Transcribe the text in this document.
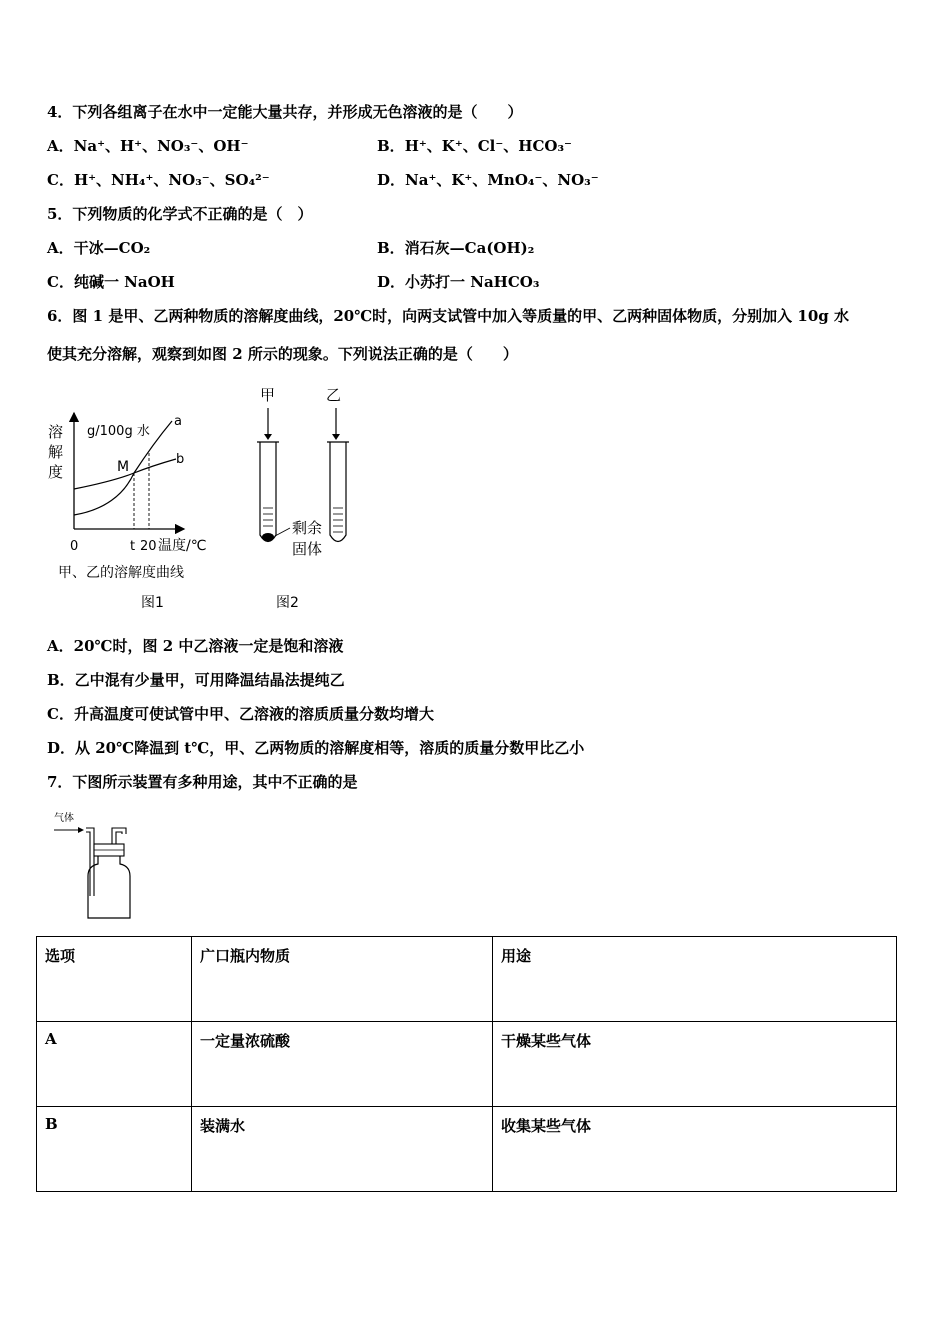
4．下列各组离子在水中一定能大量共存，并形成无色溶液的是（　　）
A．Na⁺、H⁺、NO₃⁻、OH⁻	B．H⁺、K⁺、Cl⁻、HCO₃⁻
C．H⁺、NH₄⁺、NO₃⁻、SO₄²⁻	D．Na⁺、K⁺、MnO₄⁻、NO₃⁻
5．下列物质的化学式不正确的是（　）
A．干冰—CO₂	B．消石灰—Ca(OH)₂
C．纯碱一 NaOH	D．小苏打一 NaHCO₃
6．图 1 是甲、乙两种物质的溶解度曲线，20℃时，向两支试管中加入等质量的甲、乙两种固体物质，分别加入 10g 水
使其充分溶解，观察到如图 2 所示的现象。下列说法正确的是（　　）
溶
解
度
g/100g 水
a
b
M
0	t 20 温度/℃
甲、乙的溶解度曲线
图1
甲	乙
剩余
固体
图2
A．20℃时，图 2 中乙溶液一定是饱和溶液
B．乙中混有少量甲，可用降温结晶法提纯乙
C．升高温度可使试管中甲、乙溶液的溶质质量分数均增大
D．从 20℃降温到 t℃，甲、乙两物质的溶解度相等，溶质的质量分数甲比乙小
7．下图所示装置有多种用途，其中不正确的是
气体
选项	广口瓶内物质	用途
A	一定量浓硫酸	干燥某些气体
B	装满水	收集某些气体
